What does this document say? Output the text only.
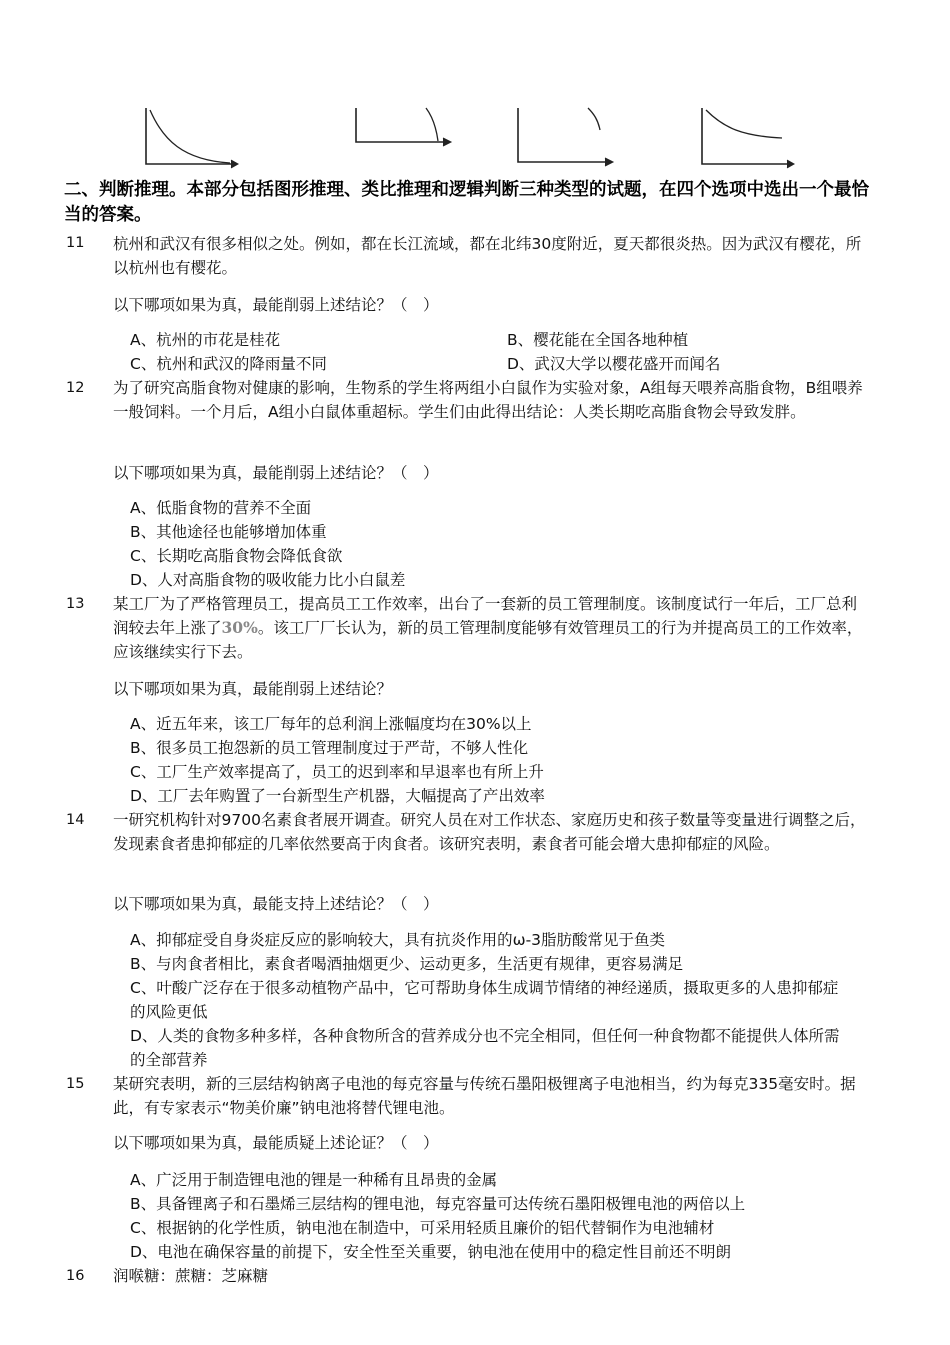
二、判断推理。本部分包括图形推理、类比推理和逻辑判断三种类型的试题，在四个选项中选出一个最恰当的答案。
11 杭州和武汉有很多相似之处。例如，都在长江流域，都在北纬30度附近，夏天都很炎热。因为武汉有樱花，所以杭州也有樱花。
以下哪项如果为真，最能削弱上述结论？（　）
A、杭州的市花是桂花	B、樱花能在全国各地种植
C、杭州和武汉的降雨量不同	D、武汉大学以樱花盛开而闻名
12 为了研究高脂食物对健康的影响，生物系的学生将两组小白鼠作为实验对象，A组每天喂养高脂食物，B组喂养一般饲料。一个月后，A组小白鼠体重超标。学生们由此得出结论：人类长期吃高脂食物会导致发胖。
以下哪项如果为真，最能削弱上述结论？（　）
A、低脂食物的营养不全面
B、其他途径也能够增加体重
C、长期吃高脂食物会降低食欲
D、人对高脂食物的吸收能力比小白鼠差
13 某工厂为了严格管理员工，提高员工工作效率，出台了一套新的员工管理制度。该制度试行一年后，工厂总利润较去年上涨了30%。该工厂厂长认为，新的员工管理制度能够有效管理员工的行为并提高员工的工作效率，应该继续实行下去。
以下哪项如果为真，最能削弱上述结论？
A、近五年来，该工厂每年的总利润上涨幅度均在30%以上
B、很多员工抱怨新的员工管理制度过于严苛，不够人性化
C、工厂生产效率提高了，员工的迟到率和早退率也有所上升
D、工厂去年购置了一台新型生产机器，大幅提高了产出效率
14 一研究机构针对9700名素食者展开调查。研究人员在对工作状态、家庭历史和孩子数量等变量进行调整之后，发现素食者患抑郁症的几率依然要高于肉食者。该研究表明，素食者可能会增大患抑郁症的风险。
以下哪项如果为真，最能支持上述结论？（　）
A、抑郁症受自身炎症反应的影响较大，具有抗炎作用的ω-3脂肪酸常见于鱼类
B、与肉食者相比，素食者喝酒抽烟更少、运动更多，生活更有规律，更容易满足
C、叶酸广泛存在于很多动植物产品中，它可帮助身体生成调节情绪的神经递质，摄取更多的人患抑郁症的风险更低
D、人类的食物多种多样，各种食物所含的营养成分也不完全相同，但任何一种食物都不能提供人体所需的全部营养
15 某研究表明，新的三层结构钠离子电池的每克容量与传统石墨阳极锂离子电池相当，约为每克335毫安时。据此，有专家表示“物美价廉”钠电池将替代锂电池。
以下哪项如果为真，最能质疑上述论证？（　）
A、广泛用于制造锂电池的锂是一种稀有且昂贵的金属
B、具备锂离子和石墨烯三层结构的锂电池，每克容量可达传统石墨阳极锂电池的两倍以上
C、根据钠的化学性质，钠电池在制造中，可采用轻质且廉价的铝代替铜作为电池辅材
D、电池在确保容量的前提下，安全性至关重要，钠电池在使用中的稳定性目前还不明朗
16 润喉糖：蔗糖：芝麻糖
